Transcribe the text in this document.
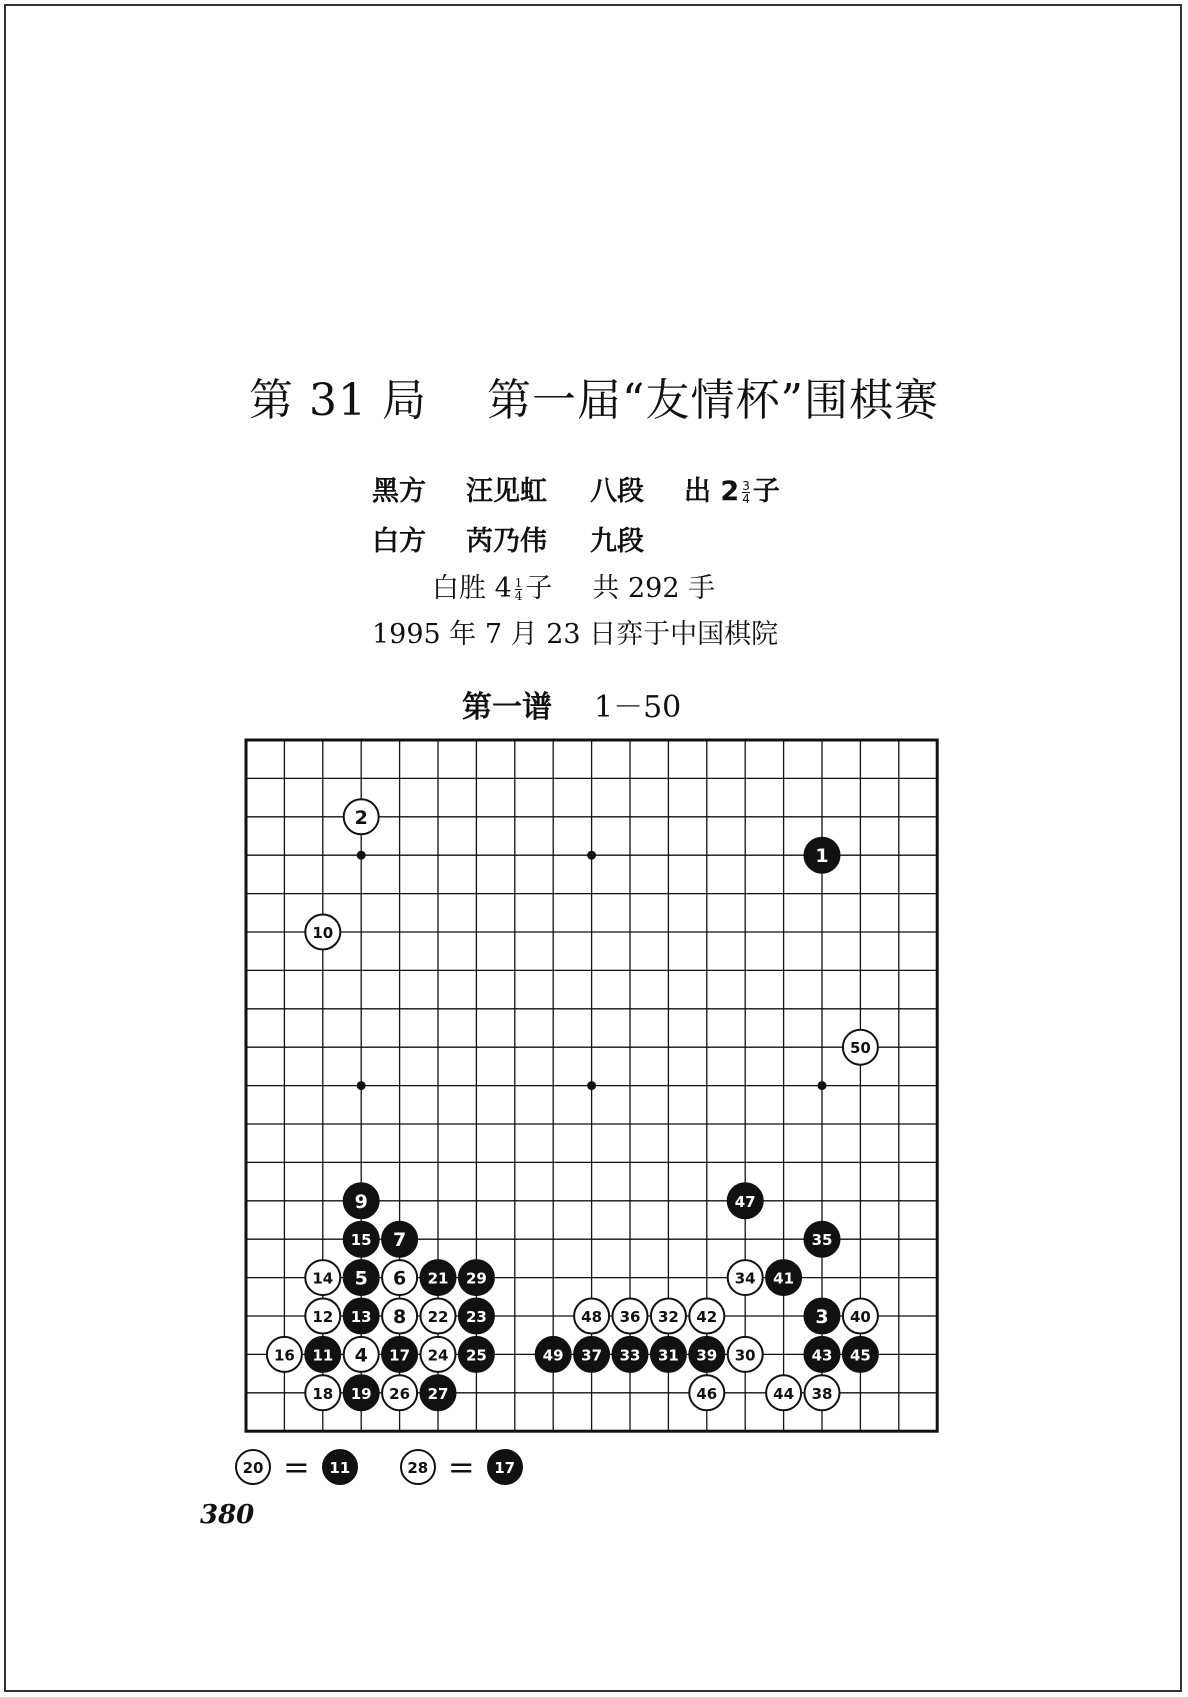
第 31 局    第一届“友情杯”围棋赛
黑方 汪见虹 八段 出 $2 \frac{3}{4}$ 子
白方 芮乃伟 九段
白胜 $4 \frac{1}{4}$ 子 共 292 手
1995 年 7 月 23 日弈于中国棋院
第一谱 1－50
1
2
3
4
5 6
7
8
9
10
11
12 13
14
15
16	17
18 19
21
22 23
24 25
26 27
29
30
31
32
33
34
35
36
37
38
39
40
41
42
43
44
45
46
47
48
49
50
20 =	11	28 =	17
380
